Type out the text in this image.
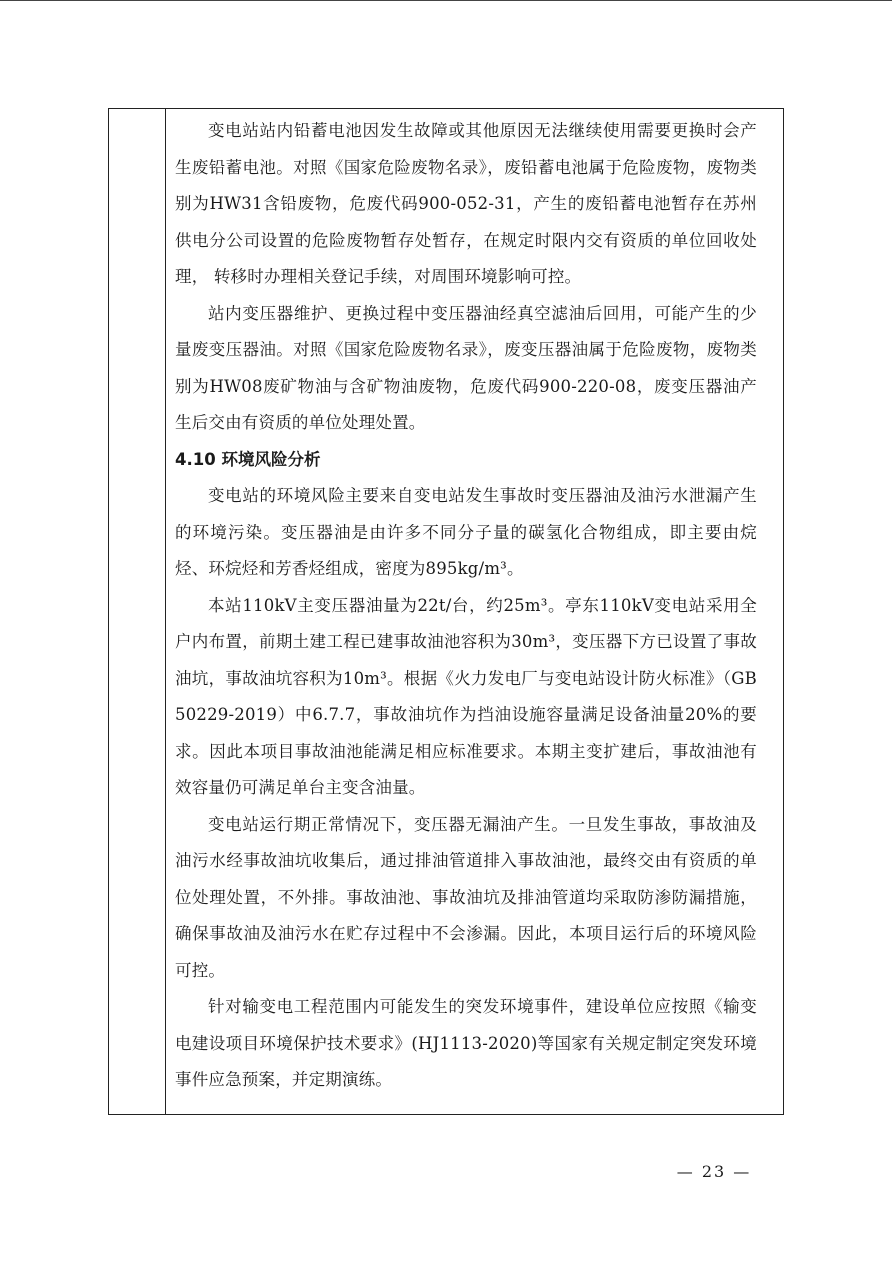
变电站站内铅蓄电池因发生故障或其他原因无法继续使用需要更换时会产生废铅蓄电池。对照《国家危险废物名录》，废铅蓄电池属于危险废物，废物类别为HW31含铅废物，危废代码900-052-31，产生的废铅蓄电池暂存在苏州供电分公司设置的危险废物暂存处暂存，在规定时限内交有资质的单位回收处理， 转移时办理相关登记手续，对周围环境影响可控。

站内变压器维护、更换过程中变压器油经真空滤油后回用，可能产生的少量废变压器油。对照《国家危险废物名录》，废变压器油属于危险废物，废物类别为HW08废矿物油与含矿物油废物，危废代码900-220-08，废变压器油产生后交由有资质的单位处理处置。

4.10 环境风险分析

变电站的环境风险主要来自变电站发生事故时变压器油及油污水泄漏产生的环境污染。变压器油是由许多不同分子量的碳氢化合物组成，即主要由烷烃、环烷烃和芳香烃组成，密度为895kg/m³。

本站110kV主变压器油量为22t/台，约25m³。亭东110kV变电站采用全户内布置，前期土建工程已建事故油池容积为30m³，变压器下方已设置了事故油坑，事故油坑容积为10m³。根据《火力发电厂与变电站设计防火标准》（GB 50229-2019）中6.7.7，事故油坑作为挡油设施容量满足设备油量20%的要求。因此本项目事故油池能满足相应标准要求。本期主变扩建后，事故油池有效容量仍可满足单台主变含油量。

变电站运行期正常情况下，变压器无漏油产生。一旦发生事故，事故油及油污水经事故油坑收集后，通过排油管道排入事故油池，最终交由有资质的单位处理处置，不外排。事故油池、事故油坑及排油管道均采取防渗防漏措施，确保事故油及油污水在贮存过程中不会渗漏。因此，本项目运行后的环境风险可控。

针对输变电工程范围内可能发生的突发环境事件，建设单位应按照《输变电建设项目环境保护技术要求》(HJ1113-2020)等国家有关规定制定突发环境事件应急预案，并定期演练。

— 23 —
